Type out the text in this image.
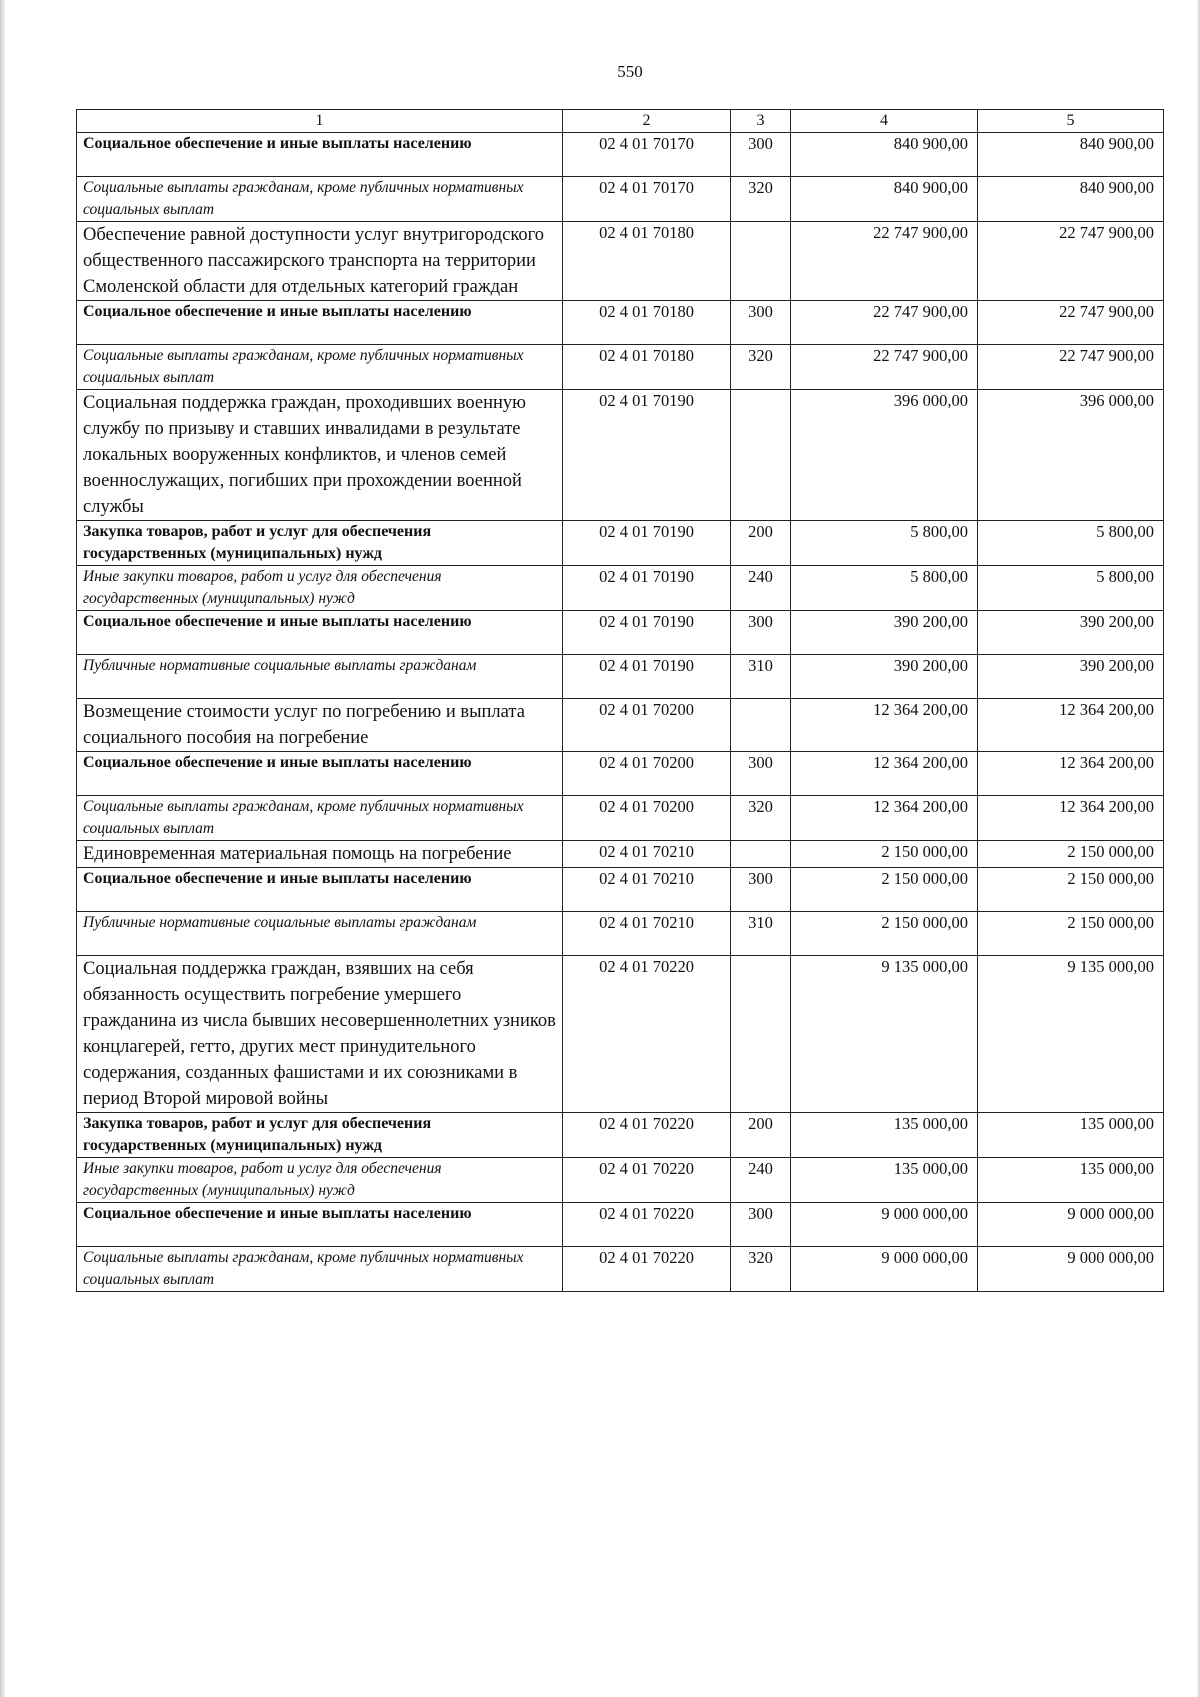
550
1	2	3	4	5
Социальное обеспечение и иные выплаты населению	02 4 01 70170	300	840 900,00	840 900,00
Социальные выплаты гражданам, кроме публичных нормативных социальных выплат	02 4 01 70170	320	840 900,00	840 900,00
Обеспечение равной доступности услуг внутригородского общественного пассажирского транспорта на территории Смоленской области для отдельных категорий граждан	02 4 01 70180		22 747 900,00	22 747 900,00
Социальное обеспечение и иные выплаты населению	02 4 01 70180	300	22 747 900,00	22 747 900,00
Социальные выплаты гражданам, кроме публичных нормативных социальных выплат	02 4 01 70180	320	22 747 900,00	22 747 900,00
Социальная поддержка граждан, проходивших военную службу по призыву и ставших инвалидами в результате локальных вооруженных конфликтов, и членов семей военнослужащих, погибших при прохождении военной службы	02 4 01 70190		396 000,00	396 000,00
Закупка товаров, работ и услуг для обеспечения государственных (муниципальных) нужд	02 4 01 70190	200	5 800,00	5 800,00
Иные закупки товаров, работ и услуг для обеспечения государственных (муниципальных) нужд	02 4 01 70190	240	5 800,00	5 800,00
Социальное обеспечение и иные выплаты населению	02 4 01 70190	300	390 200,00	390 200,00
Публичные нормативные социальные выплаты гражданам	02 4 01 70190	310	390 200,00	390 200,00
Возмещение стоимости услуг по погребению и выплата социального пособия на погребение	02 4 01 70200		12 364 200,00	12 364 200,00
Социальное обеспечение и иные выплаты населению	02 4 01 70200	300	12 364 200,00	12 364 200,00
Социальные выплаты гражданам, кроме публичных нормативных социальных выплат	02 4 01 70200	320	12 364 200,00	12 364 200,00
Единовременная материальная помощь на погребение	02 4 01 70210		2 150 000,00	2 150 000,00
Социальное обеспечение и иные выплаты населению	02 4 01 70210	300	2 150 000,00	2 150 000,00
Публичные нормативные социальные выплаты гражданам	02 4 01 70210	310	2 150 000,00	2 150 000,00
Социальная поддержка граждан, взявших на себя обязанность осуществить погребение умершего гражданина из числа бывших несовершеннолетних узников концлагерей, гетто, других мест принудительного содержания, созданных фашистами и их союзниками в период Второй мировой войны	02 4 01 70220		9 135 000,00	9 135 000,00
Закупка товаров, работ и услуг для обеспечения государственных (муниципальных) нужд	02 4 01 70220	200	135 000,00	135 000,00
Иные закупки товаров, работ и услуг для обеспечения государственных (муниципальных) нужд	02 4 01 70220	240	135 000,00	135 000,00
Социальное обеспечение и иные выплаты населению	02 4 01 70220	300	9 000 000,00	9 000 000,00
Социальные выплаты гражданам, кроме публичных нормативных социальных выплат	02 4 01 70220	320	9 000 000,00	9 000 000,00
